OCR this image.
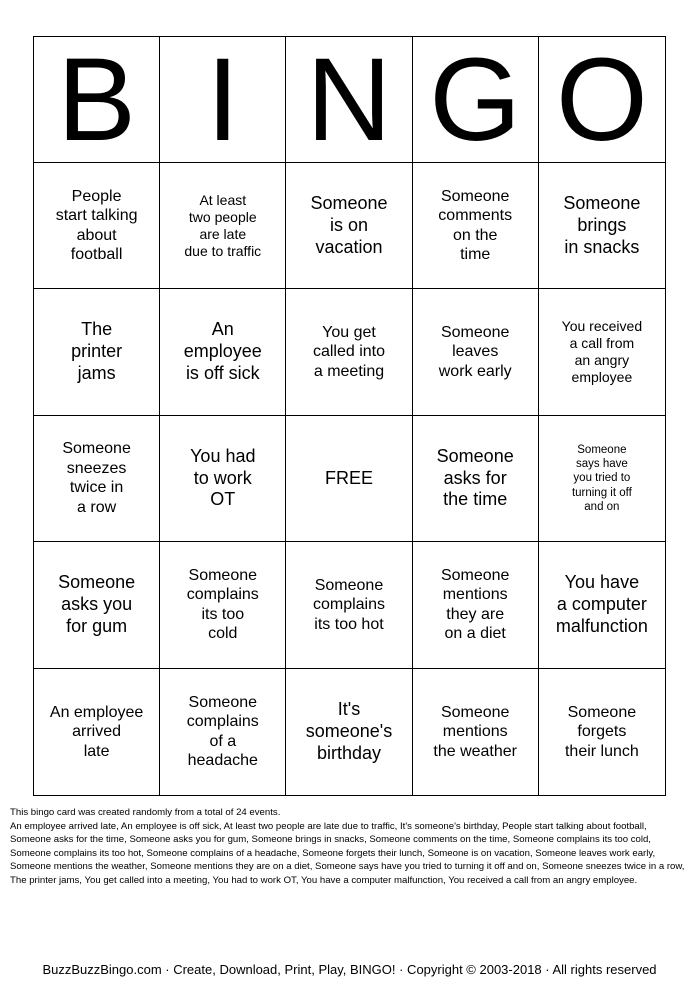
B I N G O
People
start talking
about
football
At least
two people
are late
due to traffic
Someone
is on
vacation
Someone
comments
on the
time
Someone
brings
in snacks
The
printer
jams
An
employee
is off sick
You get
called into
a meeting
Someone
leaves
work early
You received
a call from
an angry
employee
Someone
sneezes
twice in
a row
You had
to work
OT
FREE
Someone
asks for
the time
Someone
says have
you tried to
turning it off
and on
Someone
asks you
for gum
Someone
complains
its too
cold
Someone
complains
its too hot
Someone
mentions
they are
on a diet
You have
a computer
malfunction
An employee
arrived
late
Someone
complains
of a
headache
It's
someone's
birthday
Someone
mentions
the weather
Someone
forgets
their lunch
This bingo card was created randomly from a total of 24 events.
An employee arrived late, An employee is off sick, At least two people are late due to traffic, It's someone's birthday, People start talking about football, Someone asks for the time, Someone asks you for gum, Someone brings in snacks, Someone comments on the time, Someone complains its too cold, Someone complains its too hot, Someone complains of a headache, Someone forgets their lunch, Someone is on vacation, Someone leaves work early, Someone mentions the weather, Someone mentions they are on a diet, Someone says have you tried to turning it off and on, Someone sneezes twice in a row, The printer jams, You get called into a meeting, You had to work OT, You have a computer malfunction, You received a call from an angry employee.
BuzzBuzzBingo.com · Create, Download, Print, Play, BINGO! · Copyright © 2003-2018 · All rights reserved
